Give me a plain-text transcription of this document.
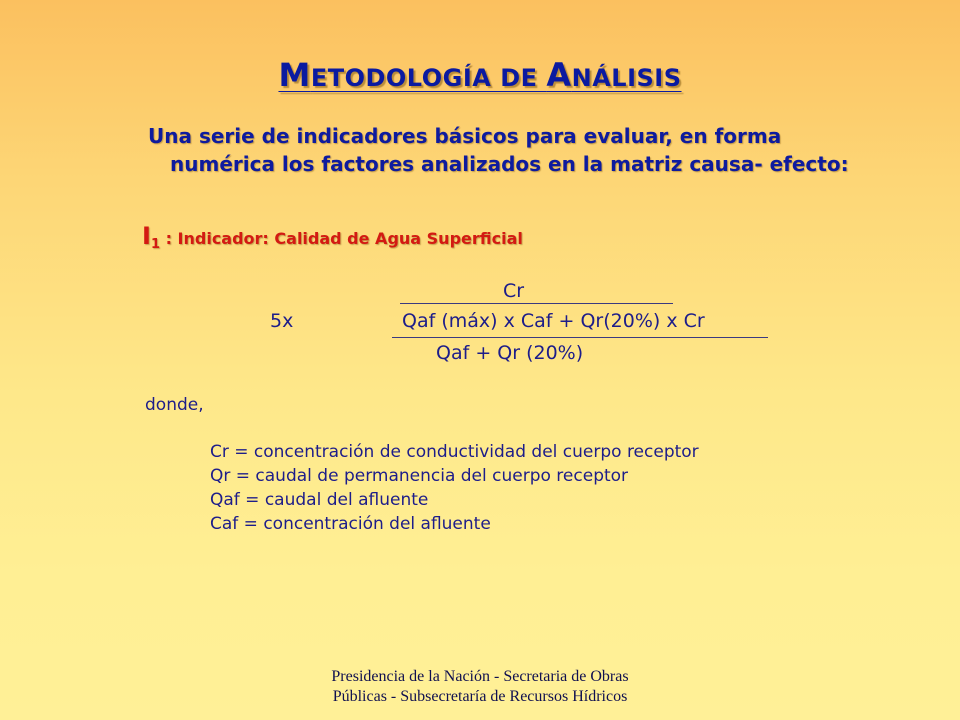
METODOLOGÍA DE ANÁLISIS

Una serie de indicadores básicos para evaluar, en forma numérica los factores analizados en la matriz causa- efecto:

$I_1$ : Indicador: Calidad de Agua Superficial
Cr
5x	Qaf (máx) x Caf + Qr(20%) x Cr
Qaf + Qr (20%)
donde,
Cr = concentración de conductividad del cuerpo receptor
Qr = caudal de permanencia del cuerpo receptor
Qaf = caudal del afluente
Caf = concentración del afluente
Presidencia de la Nación - Secretaria de Obras Públicas - Subsecretaría de Recursos Hídricos
